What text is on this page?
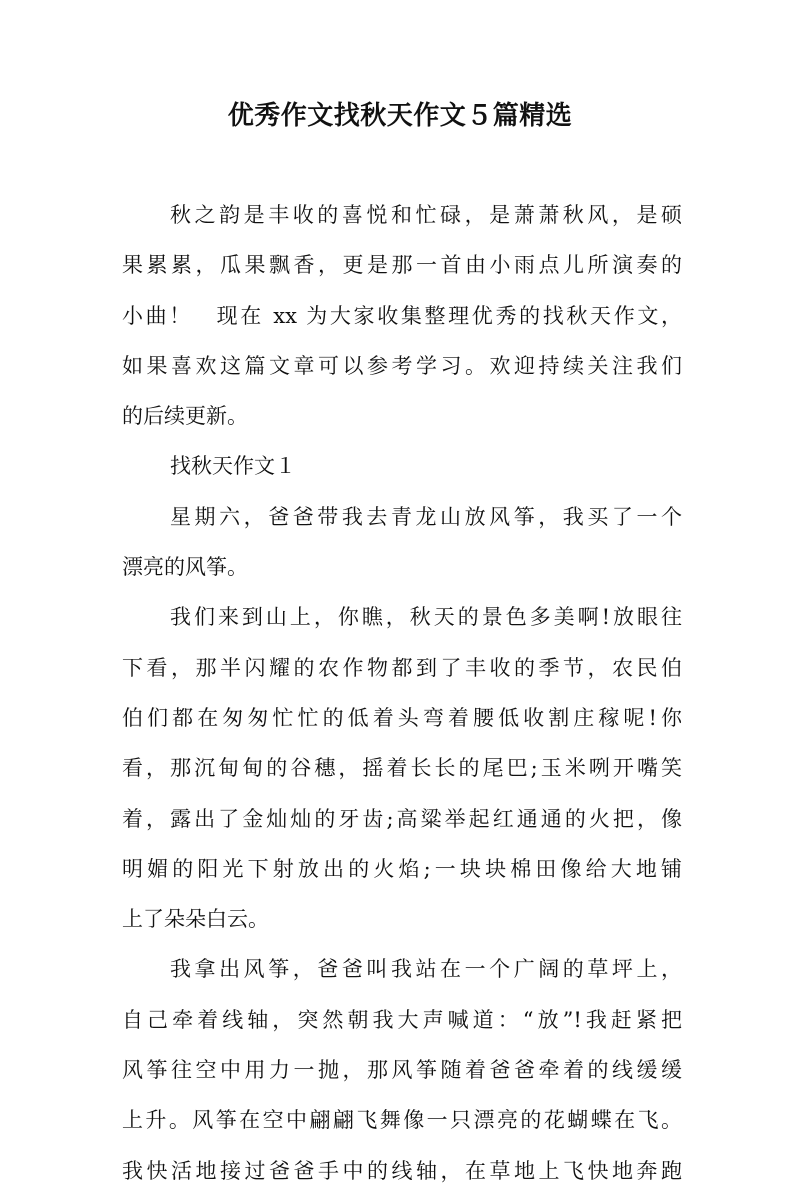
优秀作文找秋天作文５篇精选
秋之韵是丰收的喜悦和忙碌，是萧萧秋风，是硕
果累累，瓜果飘香，更是那一首由小雨点儿所演奏的
小曲！　现在 xx 为大家收集整理优秀的找秋天作文，
如果喜欢这篇文章可以参考学习。欢迎持续关注我们
的后续更新。
找秋天作文１
星期六，爸爸带我去青龙山放风筝，我买了一个
漂亮的风筝。
我们来到山上，你瞧，秋天的景色多美啊!放眼往
下看，那半闪耀的农作物都到了丰收的季节，农民伯
伯们都在匆匆忙忙的低着头弯着腰低收割庄稼呢!你
看，那沉甸甸的谷穗，摇着长长的尾巴;玉米咧开嘴笑
着，露出了金灿灿的牙齿;高粱举起红通通的火把，像
明媚的阳光下射放出的火焰;一块块棉田像给大地铺
上了朵朵白云。
我拿出风筝，爸爸叫我站在一个广阔的草坪上，
自己牵着线轴，突然朝我大声喊道：“放”!我赶紧把
风筝往空中用力一抛，那风筝随着爸爸牵着的线缓缓
上升。风筝在空中翩翩飞舞像一只漂亮的花蝴蝶在飞。
我快活地接过爸爸手中的线轴，在草地上飞快地奔跑
